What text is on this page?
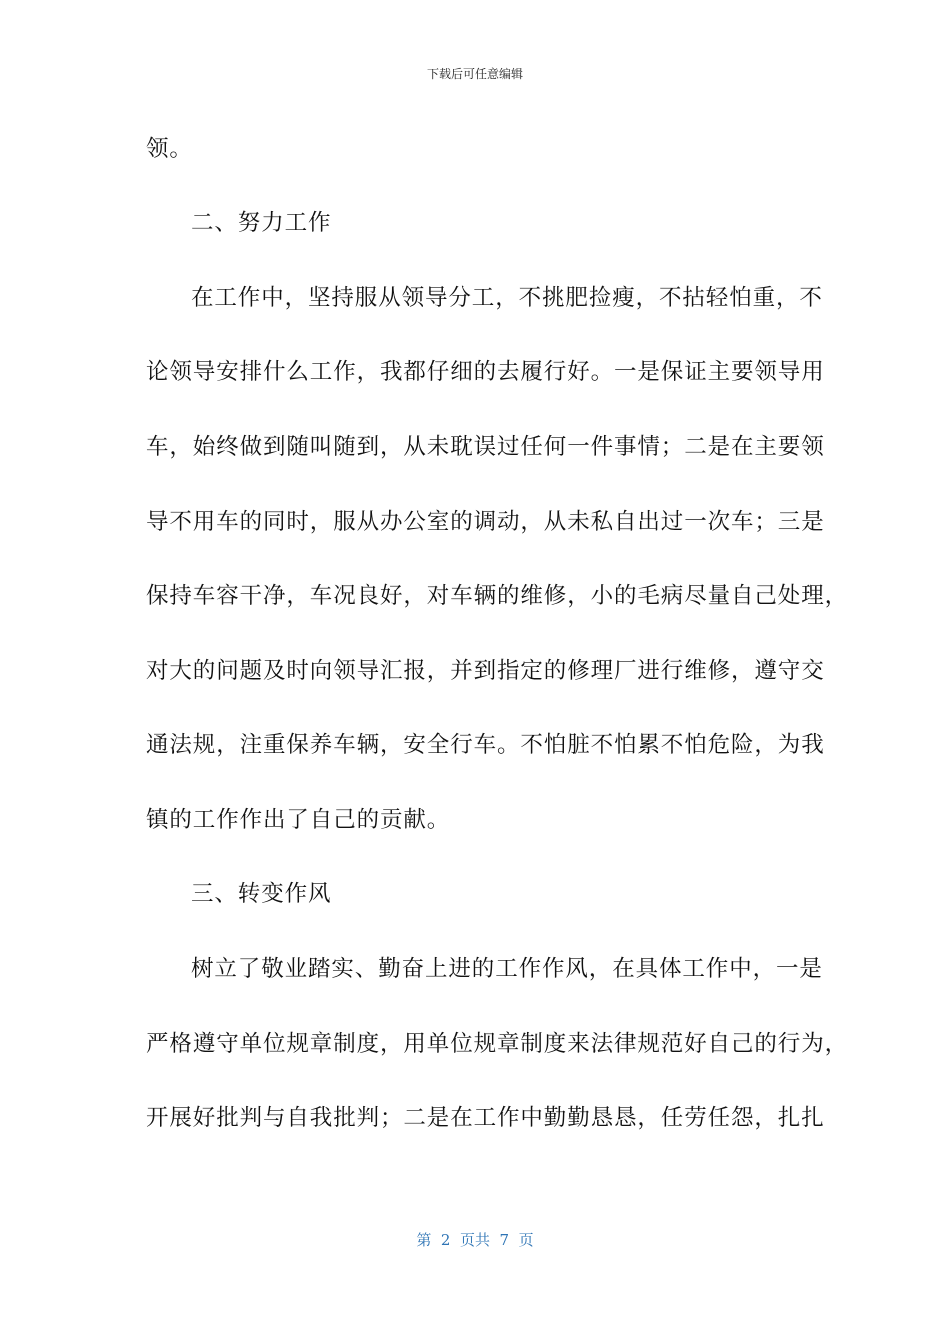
下载后可任意编辑
领。
二、努力工作
在工作中，坚持服从领导分工，不挑肥捡瘦，不拈轻怕重，不
论领导安排什么工作，我都仔细的去履行好。一是保证主要领导用
车，始终做到随叫随到，从未耽误过任何一件事情；二是在主要领
导不用车的同时，服从办公室的调动，从未私自出过一次车；三是
保持车容干净，车况良好，对车辆的维修，小的毛病尽量自己处理，
对大的问题及时向领导汇报，并到指定的修理厂进行维修，遵守交
通法规，注重保养车辆，安全行车。不怕脏不怕累不怕危险，为我
镇的工作作出了自己的贡献。
三、转变作风
树立了敬业踏实、勤奋上进的工作作风，在具体工作中，一是
严格遵守单位规章制度，用单位规章制度来法律规范好自己的行为，
开展好批判与自我批判；二是在工作中勤勤恳恳，任劳任怨，扎扎
第  2  页共  7  页
